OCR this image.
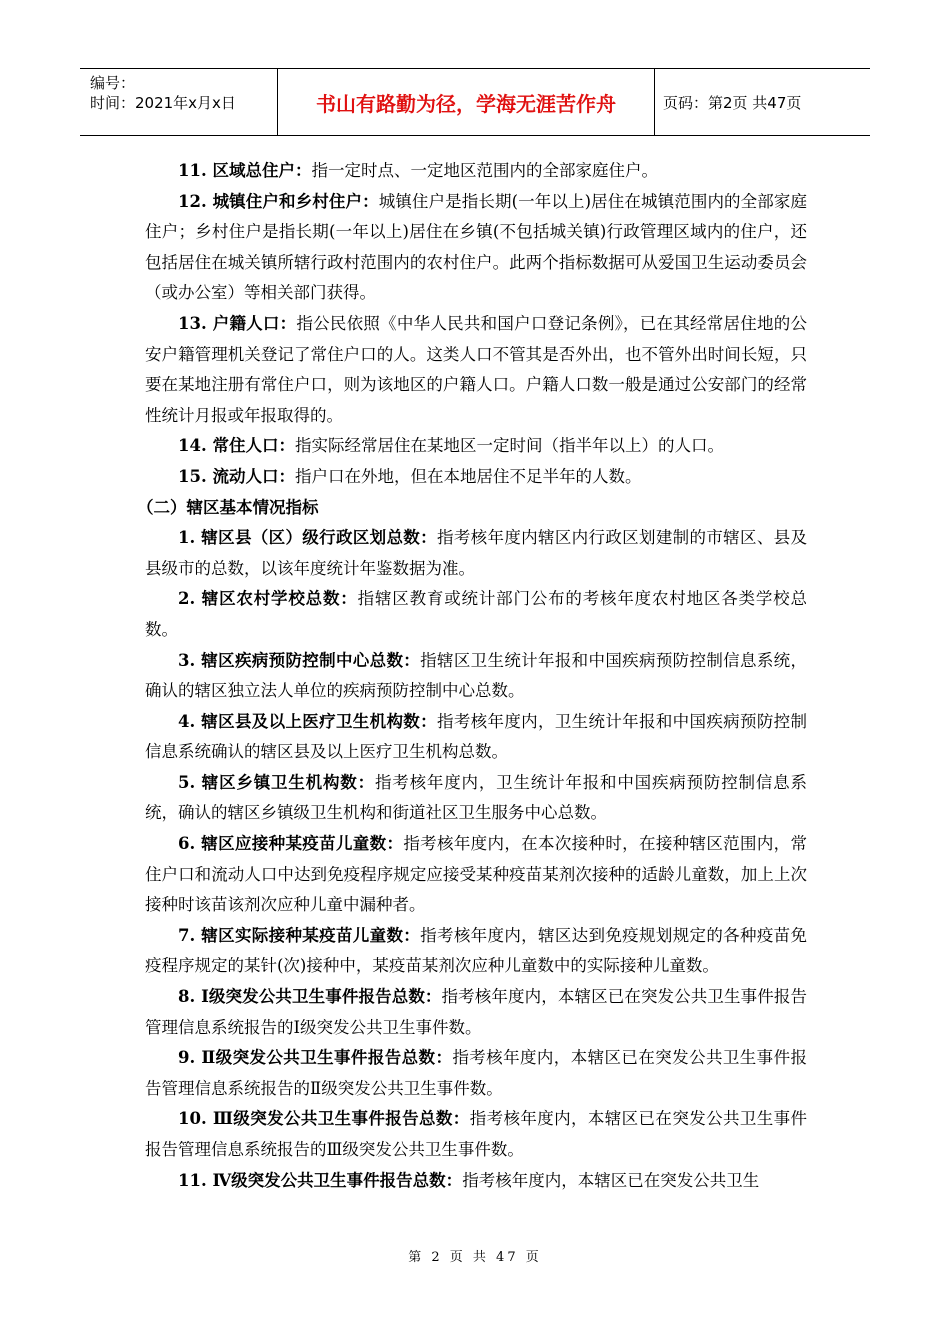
编号：
时间：2021年x月x日	书山有路勤为径，学海无涯苦作舟	页码：第2页 共47页

11. 区域总住户：指一定时点、一定地区范围内的全部家庭住户。

12. 城镇住户和乡村住户：城镇住户是指长期(一年以上)居住在城镇范围内的全部家庭住户；乡村住户是指长期(一年以上)居住在乡镇(不包括城关镇)行政管理区域内的住户，还包括居住在城关镇所辖行政村范围内的农村住户。此两个指标数据可从爱国卫生运动委员会（或办公室）等相关部门获得。

13. 户籍人口：指公民依照《中华人民共和国户口登记条例》，已在其经常居住地的公安户籍管理机关登记了常住户口的人。这类人口不管其是否外出，也不管外出时间长短，只要在某地注册有常住户口，则为该地区的户籍人口。户籍人口数一般是通过公安部门的经常性统计月报或年报取得的。

14. 常住人口：指实际经常居住在某地区一定时间（指半年以上）的人口。

15. 流动人口：指户口在外地，但在本地居住不足半年的人数。

（二）辖区基本情况指标

1. 辖区县（区）级行政区划总数：指考核年度内辖区内行政区划建制的市辖区、县及县级市的总数，以该年度统计年鉴数据为准。

2. 辖区农村学校总数：指辖区教育或统计部门公布的考核年度农村地区各类学校总数。

3. 辖区疾病预防控制中心总数：指辖区卫生统计年报和中国疾病预防控制信息系统，确认的辖区独立法人单位的疾病预防控制中心总数。

4. 辖区县及以上医疗卫生机构数：指考核年度内，卫生统计年报和中国疾病预防控制信息系统确认的辖区县及以上医疗卫生机构总数。

5. 辖区乡镇卫生机构数：指考核年度内，卫生统计年报和中国疾病预防控制信息系统，确认的辖区乡镇级卫生机构和街道社区卫生服务中心总数。

6. 辖区应接种某疫苗儿童数：指考核年度内，在本次接种时，在接种辖区范围内，常住户口和流动人口中达到免疫程序规定应接受某种疫苗某剂次接种的适龄儿童数，加上上次接种时该苗该剂次应种儿童中漏种者。

7. 辖区实际接种某疫苗儿童数：指考核年度内，辖区达到免疫规划规定的各种疫苗免疫程序规定的某针(次)接种中，某疫苗某剂次应种儿童数中的实际接种儿童数。

8. Ⅰ级突发公共卫生事件报告总数：指考核年度内，本辖区已在突发公共卫生事件报告管理信息系统报告的Ⅰ级突发公共卫生事件数。

9. Ⅱ级突发公共卫生事件报告总数：指考核年度内，本辖区已在突发公共卫生事件报告管理信息系统报告的Ⅱ级突发公共卫生事件数。

10. Ⅲ级突发公共卫生事件报告总数：指考核年度内，本辖区已在突发公共卫生事件报告管理信息系统报告的Ⅲ级突发公共卫生事件数。

11. Ⅳ级突发公共卫生事件报告总数：指考核年度内，本辖区已在突发公共卫生

第 2 页 共 47 页
